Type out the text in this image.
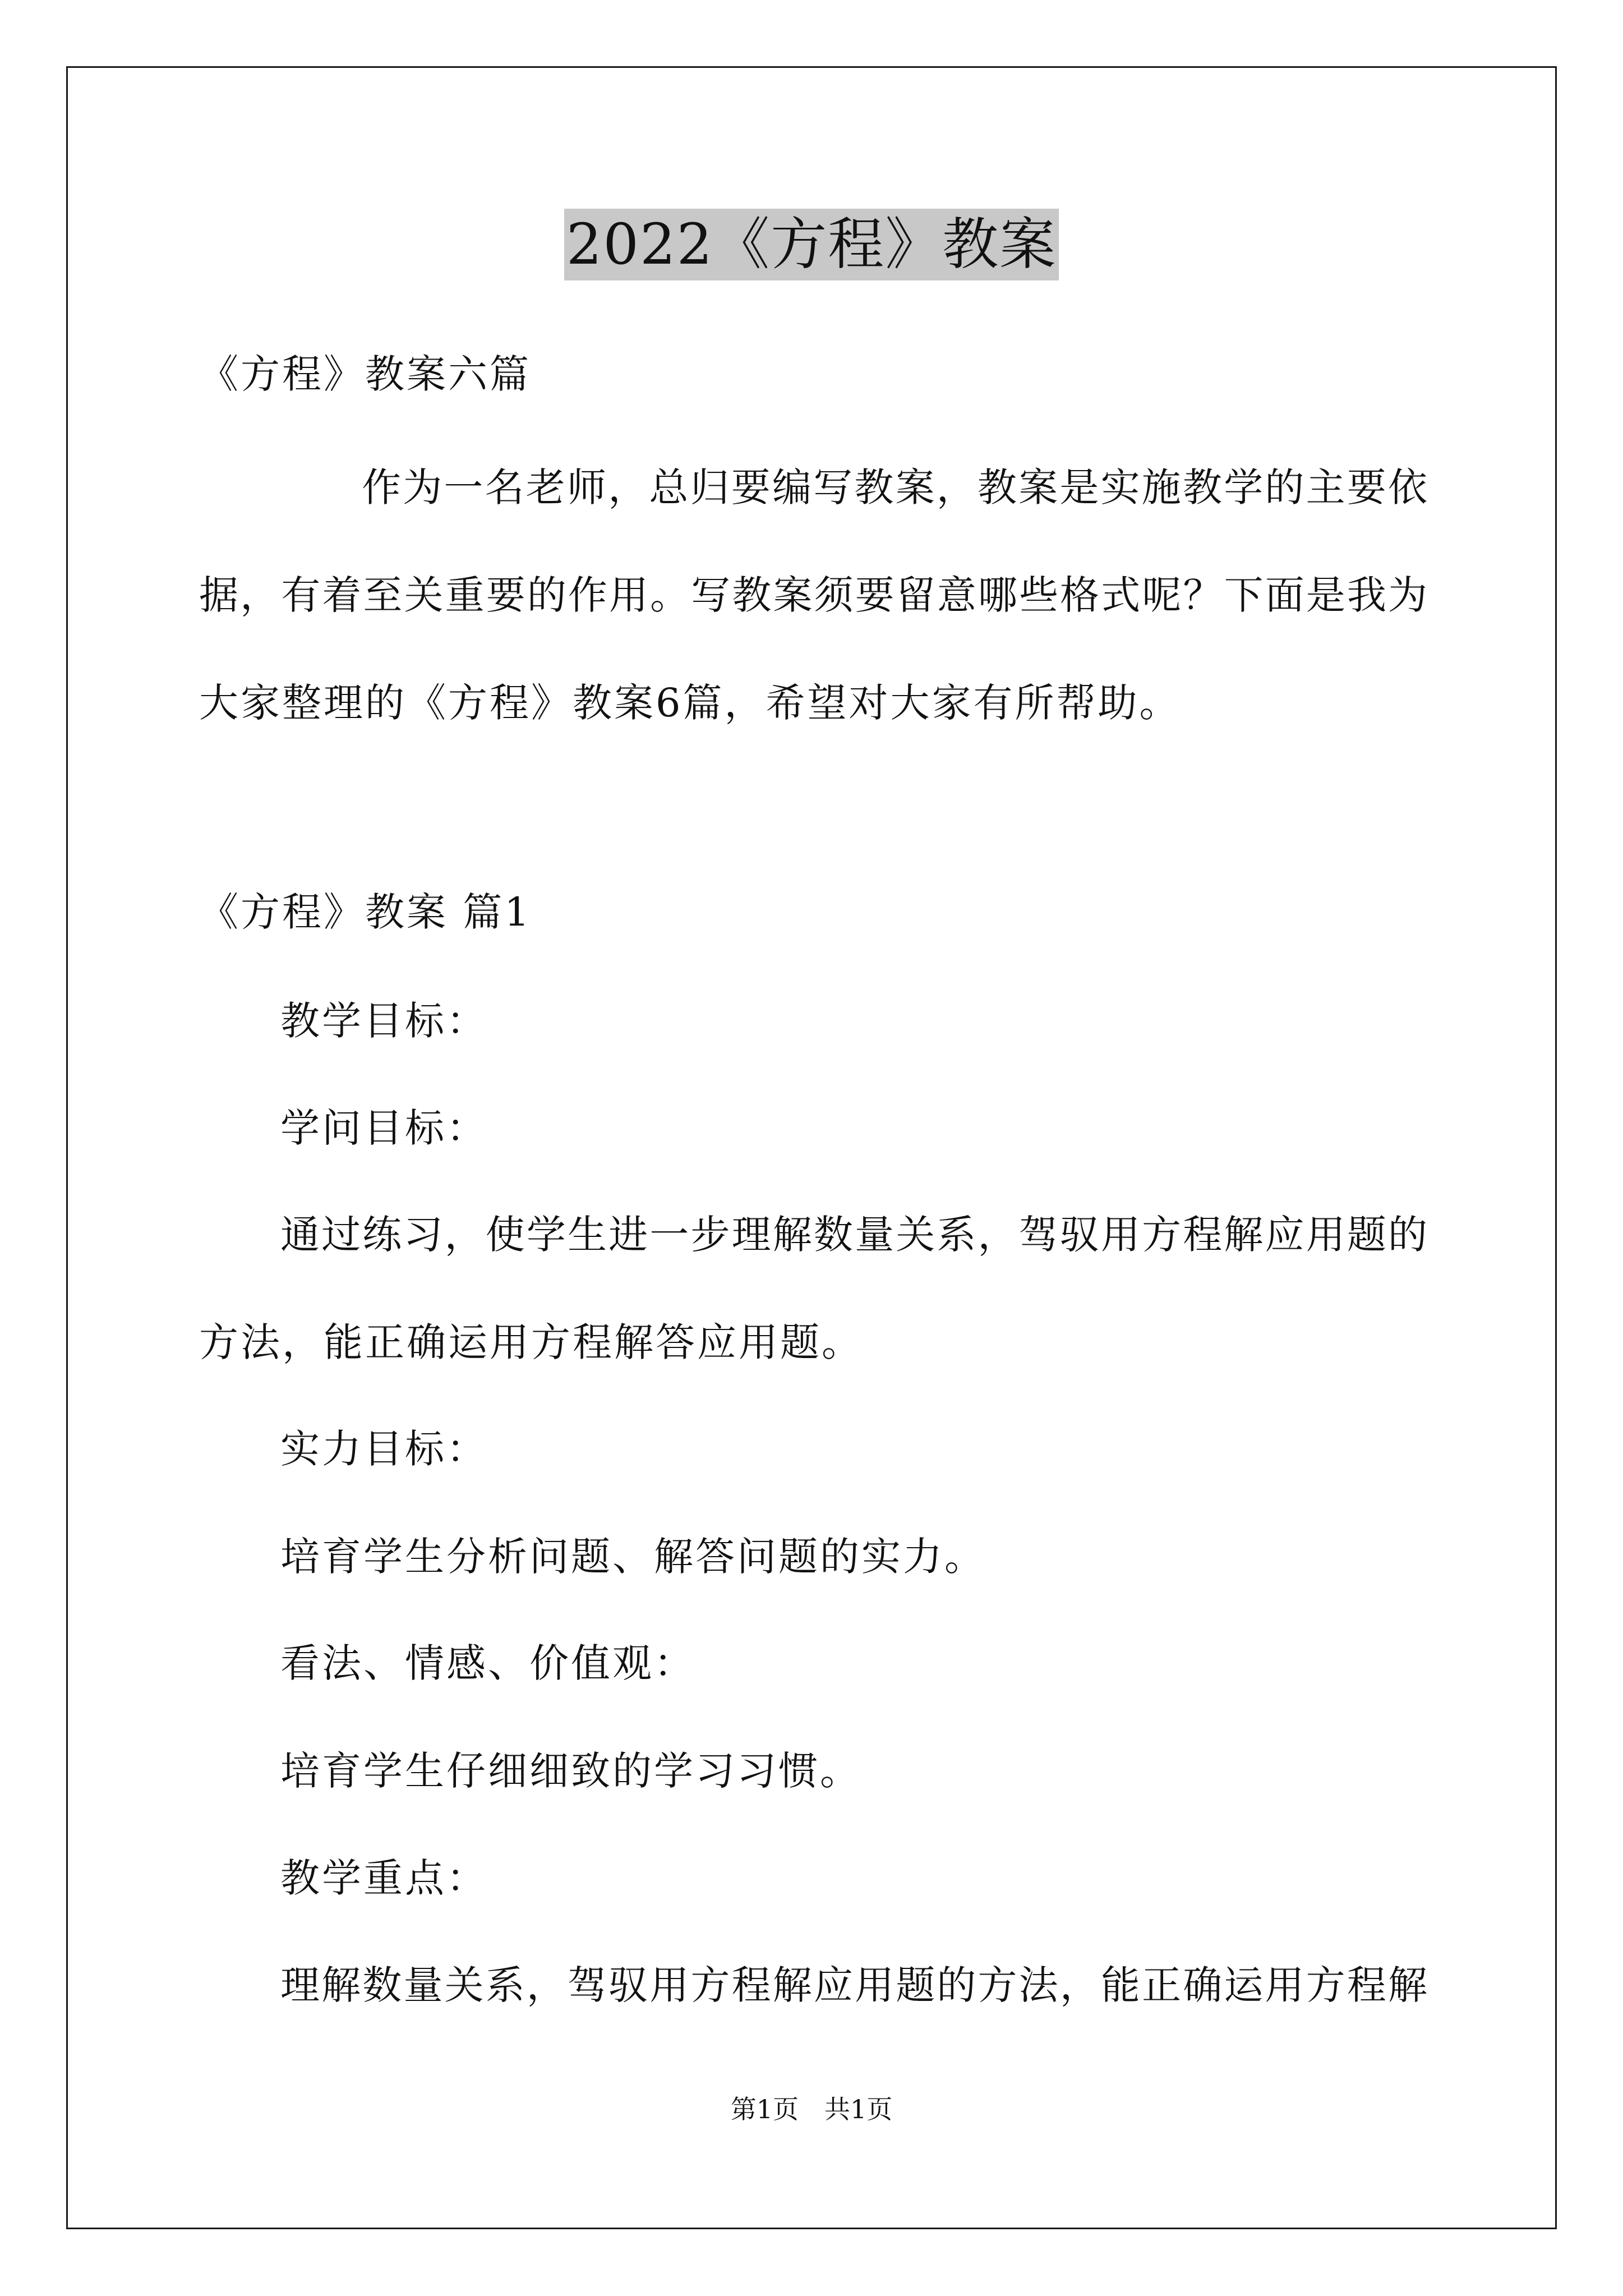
2022《方程》教案
《方程》教案六篇
作为一名老师，总归要编写教案，教案是实施教学的主要依
据，有着至关重要的作用。写教案须要留意哪些格式呢？下面是我为
大家整理的《方程》教案6篇，希望对大家有所帮助。
《方程》教案 篇1
教学目标：
学问目标：
通过练习，使学生进一步理解数量关系，驾驭用方程解应用题的
方法，能正确运用方程解答应用题。
实力目标：
培育学生分析问题、解答问题的实力。
看法、情感、价值观：
培育学生仔细细致的学习习惯。
教学重点：
理解数量关系，驾驭用方程解应用题的方法，能正确运用方程解
第1页　共1页
